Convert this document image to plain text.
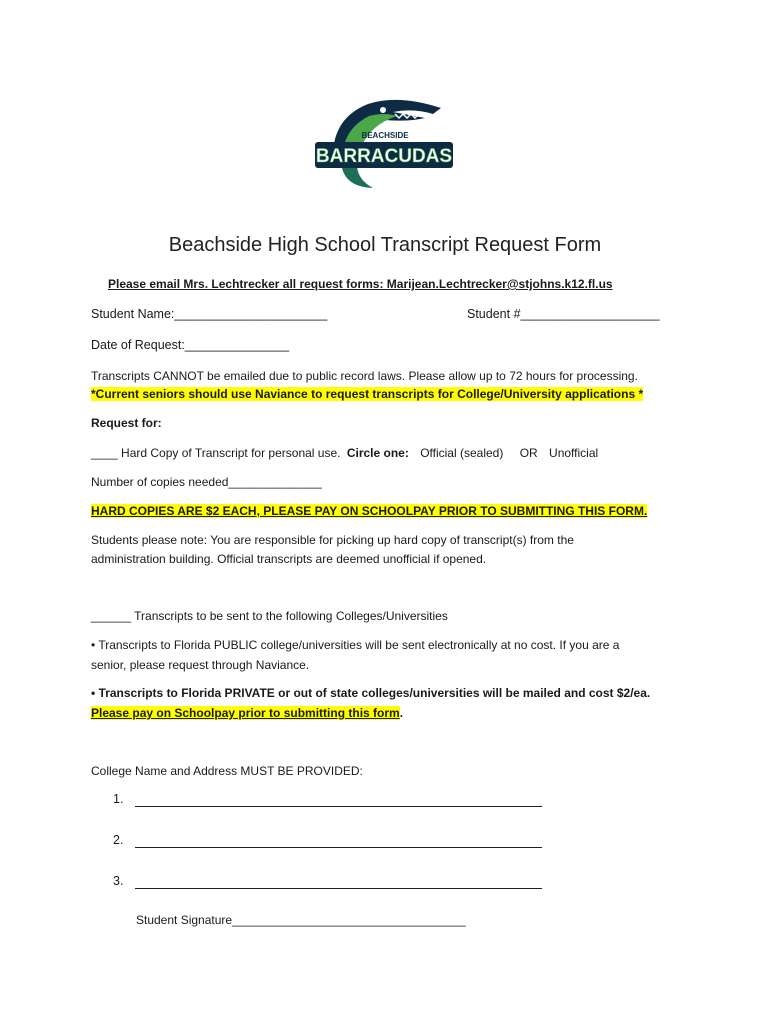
BEACHSIDE
BARRACUDAS
Beachside High School Transcript Request Form
Please email Mrs. Lechtrecker all request forms: Marijean.Lechtrecker@stjohns.k12.fl.us
Student Name:______________________	Student #____________________
Date of Request:_______________
Transcripts CANNOT be emailed due to public record laws. Please allow up to 72 hours for processing.
*Current seniors should use Naviance to request transcripts for College/University applications *
Request for:
____ Hard Copy of Transcript for personal use. Circle one: Official (sealed) OR Unofficial
Number of copies needed______________
HARD COPIES ARE $2 EACH, PLEASE PAY ON SCHOOLPAY PRIOR TO SUBMITTING THIS FORM.
Students please note: You are responsible for picking up hard copy of transcript(s) from the
administration building. Official transcripts are deemed unofficial if opened.
______ Transcripts to be sent to the following Colleges/Universities
• Transcripts to Florida PUBLIC college/universities will be sent electronically at no cost. If you are a
senior, please request through Naviance.
• Transcripts to Florida PRIVATE or out of state colleges/universities will be mailed and cost $2/ea.
Please pay on Schoolpay prior to submitting this form.
College Name and Address MUST BE PROVIDED:
1.
2.
3.
Student Signature___________________________________
